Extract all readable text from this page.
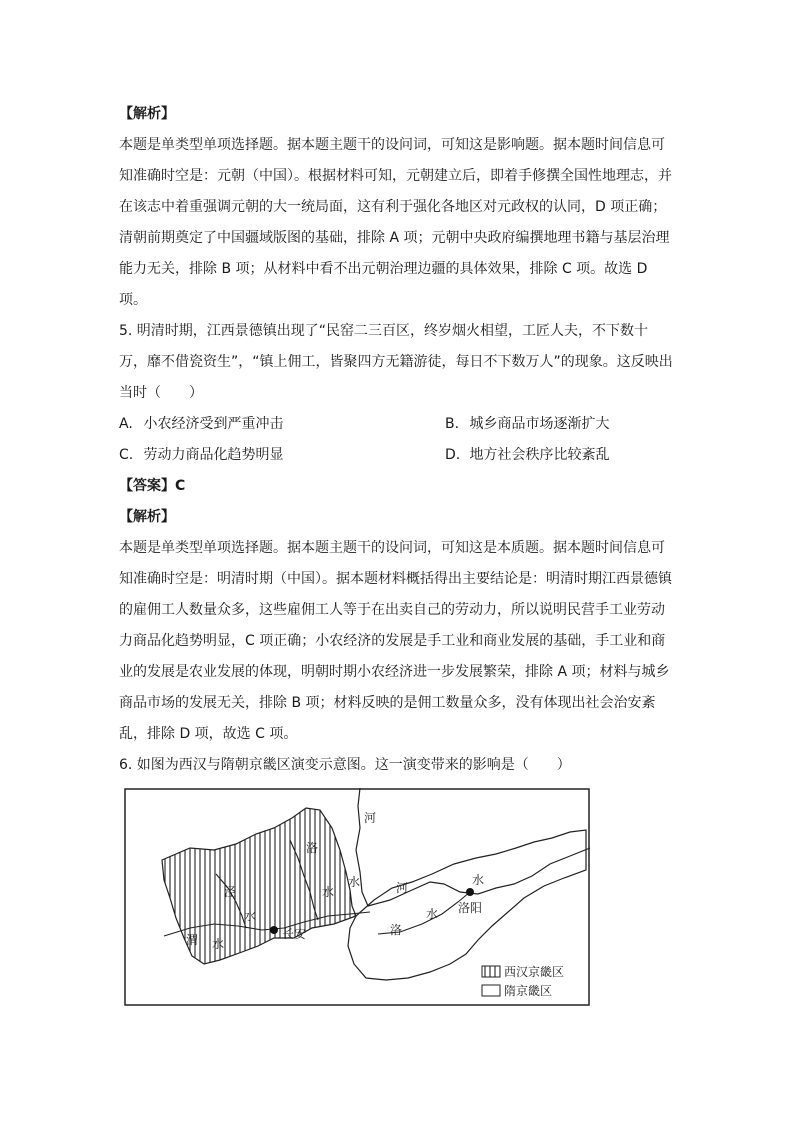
【解析】
本题是单类型单项选择题。据本题主题干的设问词，可知这是影响题。据本题时间信息可
知准确时空是：元朝（中国）。根据材料可知，元朝建立后，即着手修撰全国性地理志，并
在该志中着重强调元朝的大一统局面，这有利于强化各地区对元政权的认同，D 项正确；
清朝前期奠定了中国疆域版图的基础，排除 A 项；元朝中央政府编撰地理书籍与基层治理
能力无关，排除 B 项；从材料中看不出元朝治理边疆的具体效果，排除 C 项。故选 D
项。
5. 明清时期，江西景德镇出现了“民窑二三百区，终岁烟火相望，工匠人夫，不下数十
万，靡不借瓷资生”，“镇上佣工，皆聚四方无籍游徒，每日不下数万人”的现象。这反映出
当时（　　）
A. 小农经济受到严重冲击	B. 城乡商品市场逐渐扩大
C. 劳动力商品化趋势明显	D. 地方社会秩序比较紊乱
【答案】C
【解析】
本题是单类型单项选择题。据本题主题干的设问词，可知这是本质题。据本题时间信息可
知准确时空是：明清时期（中国）。据本题材料概括得出主要结论是：明清时期江西景德镇
的雇佣工人数量众多，这些雇佣工人等于在出卖自己的劳动力，所以说明民营手工业劳动
力商品化趋势明显，C 项正确；小农经济的发展是手工业和商业发展的基础，手工业和商
业的发展是农业发展的体现，明朝时期小农经济进一步发展繁荣，排除 A 项；材料与城乡
商品市场的发展无关，排除 B 项；材料反映的是佣工数量众多，没有体现出社会治安紊
乱，排除 D 项，故选 C 项。
6. 如图为西汉与隋朝京畿区演变示意图。这一演变带来的影响是（　　）
河
洛
水
水
泾
水
长安
渭 水
河
水
洛
水 洛阳
西汉京畿区
隋京畿区
